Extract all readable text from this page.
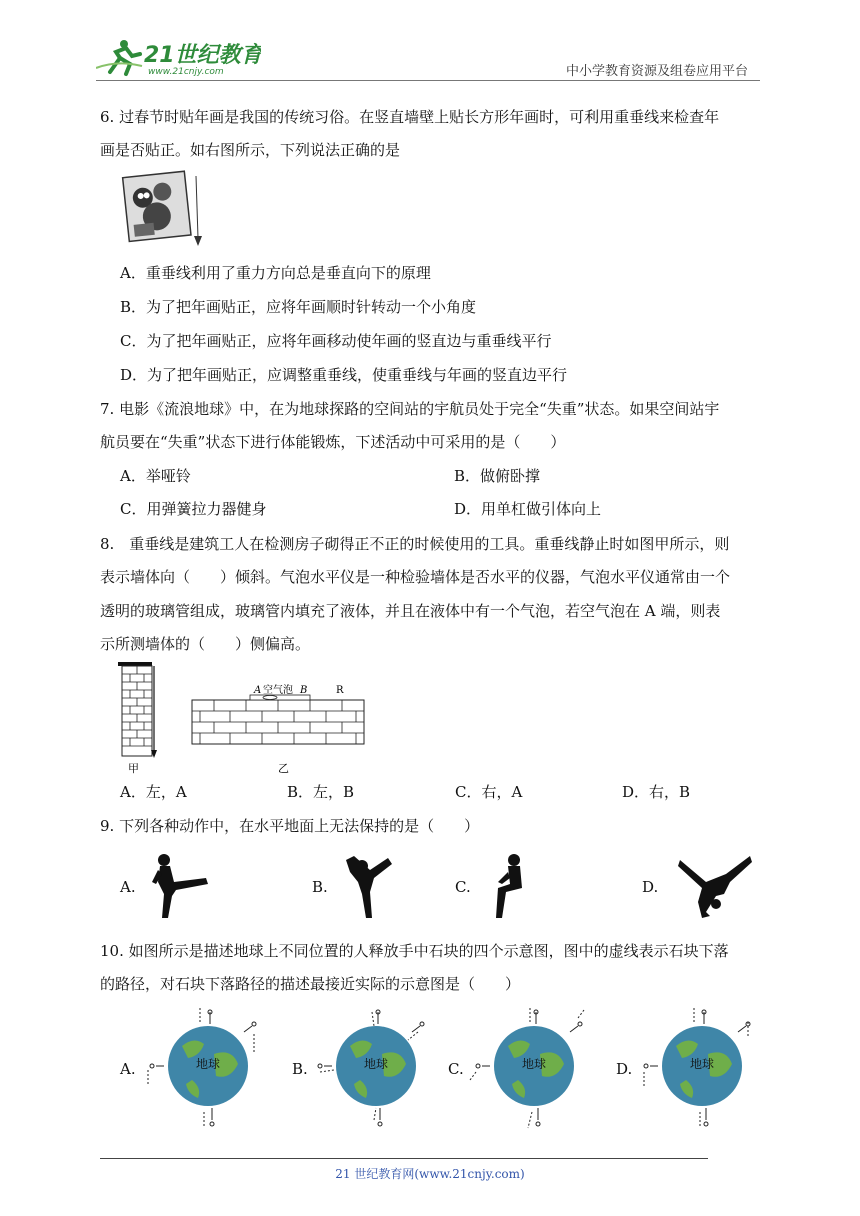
21世纪教育
www.21cnjy.com	中小学教育资源及组卷应用平台
6. 过春节时贴年画是我国的传统习俗。在竖直墙壁上贴长方形年画时，可利用重垂线来检查年
画是否贴正。如右图所示，下列说法正确的是
A．重垂线利用了重力方向总是垂直向下的原理
B．为了把年画贴正，应将年画顺时针转动一个小角度
C．为了把年画贴正，应将年画移动使年画的竖直边与重垂线平行
D．为了把年画贴正，应调整重垂线，使重垂线与年画的竖直边平行
7. 电影《流浪地球》中，在为地球探路的空间站的宇航员处于完全“失重”状态。如果空间站宇
航员要在“失重”状态下进行体能锻炼，下述活动中可采用的是（　　）
A．举哑铃	B．做俯卧撑
C．用弹簧拉力器健身	D．用单杠做引体向上
8.　重垂线是建筑工人在检测房子砌得正不正的时候使用的工具。重垂线静止时如图甲所示，则
表示墙体向（　　）倾斜。气泡水平仪是一种检验墙体是否水平的仪器，气泡水平仪通常由一个
透明的玻璃管组成，玻璃管内填充了液体，并且在液体中有一个气泡，若空气泡在 A 端，则表
示所测墙体的（　　）侧偏高。
甲
A 空气泡 B	R
乙
A．左，A	B．左，B	C．右，A	D．右，B
9. 下列各种动作中，在水平地面上无法保持的是（　　）
A.	B.	C.	D.
10. 如图所示是描述地球上不同位置的人释放手中石块的四个示意图，图中的虚线表示石块下落
的路径，对石块下落路径的描述最接近实际的示意图是（　　）
A.	B.	C.	D.
地球	地球	地球	地球
21 世纪教育网(www.21cnjy.com)
